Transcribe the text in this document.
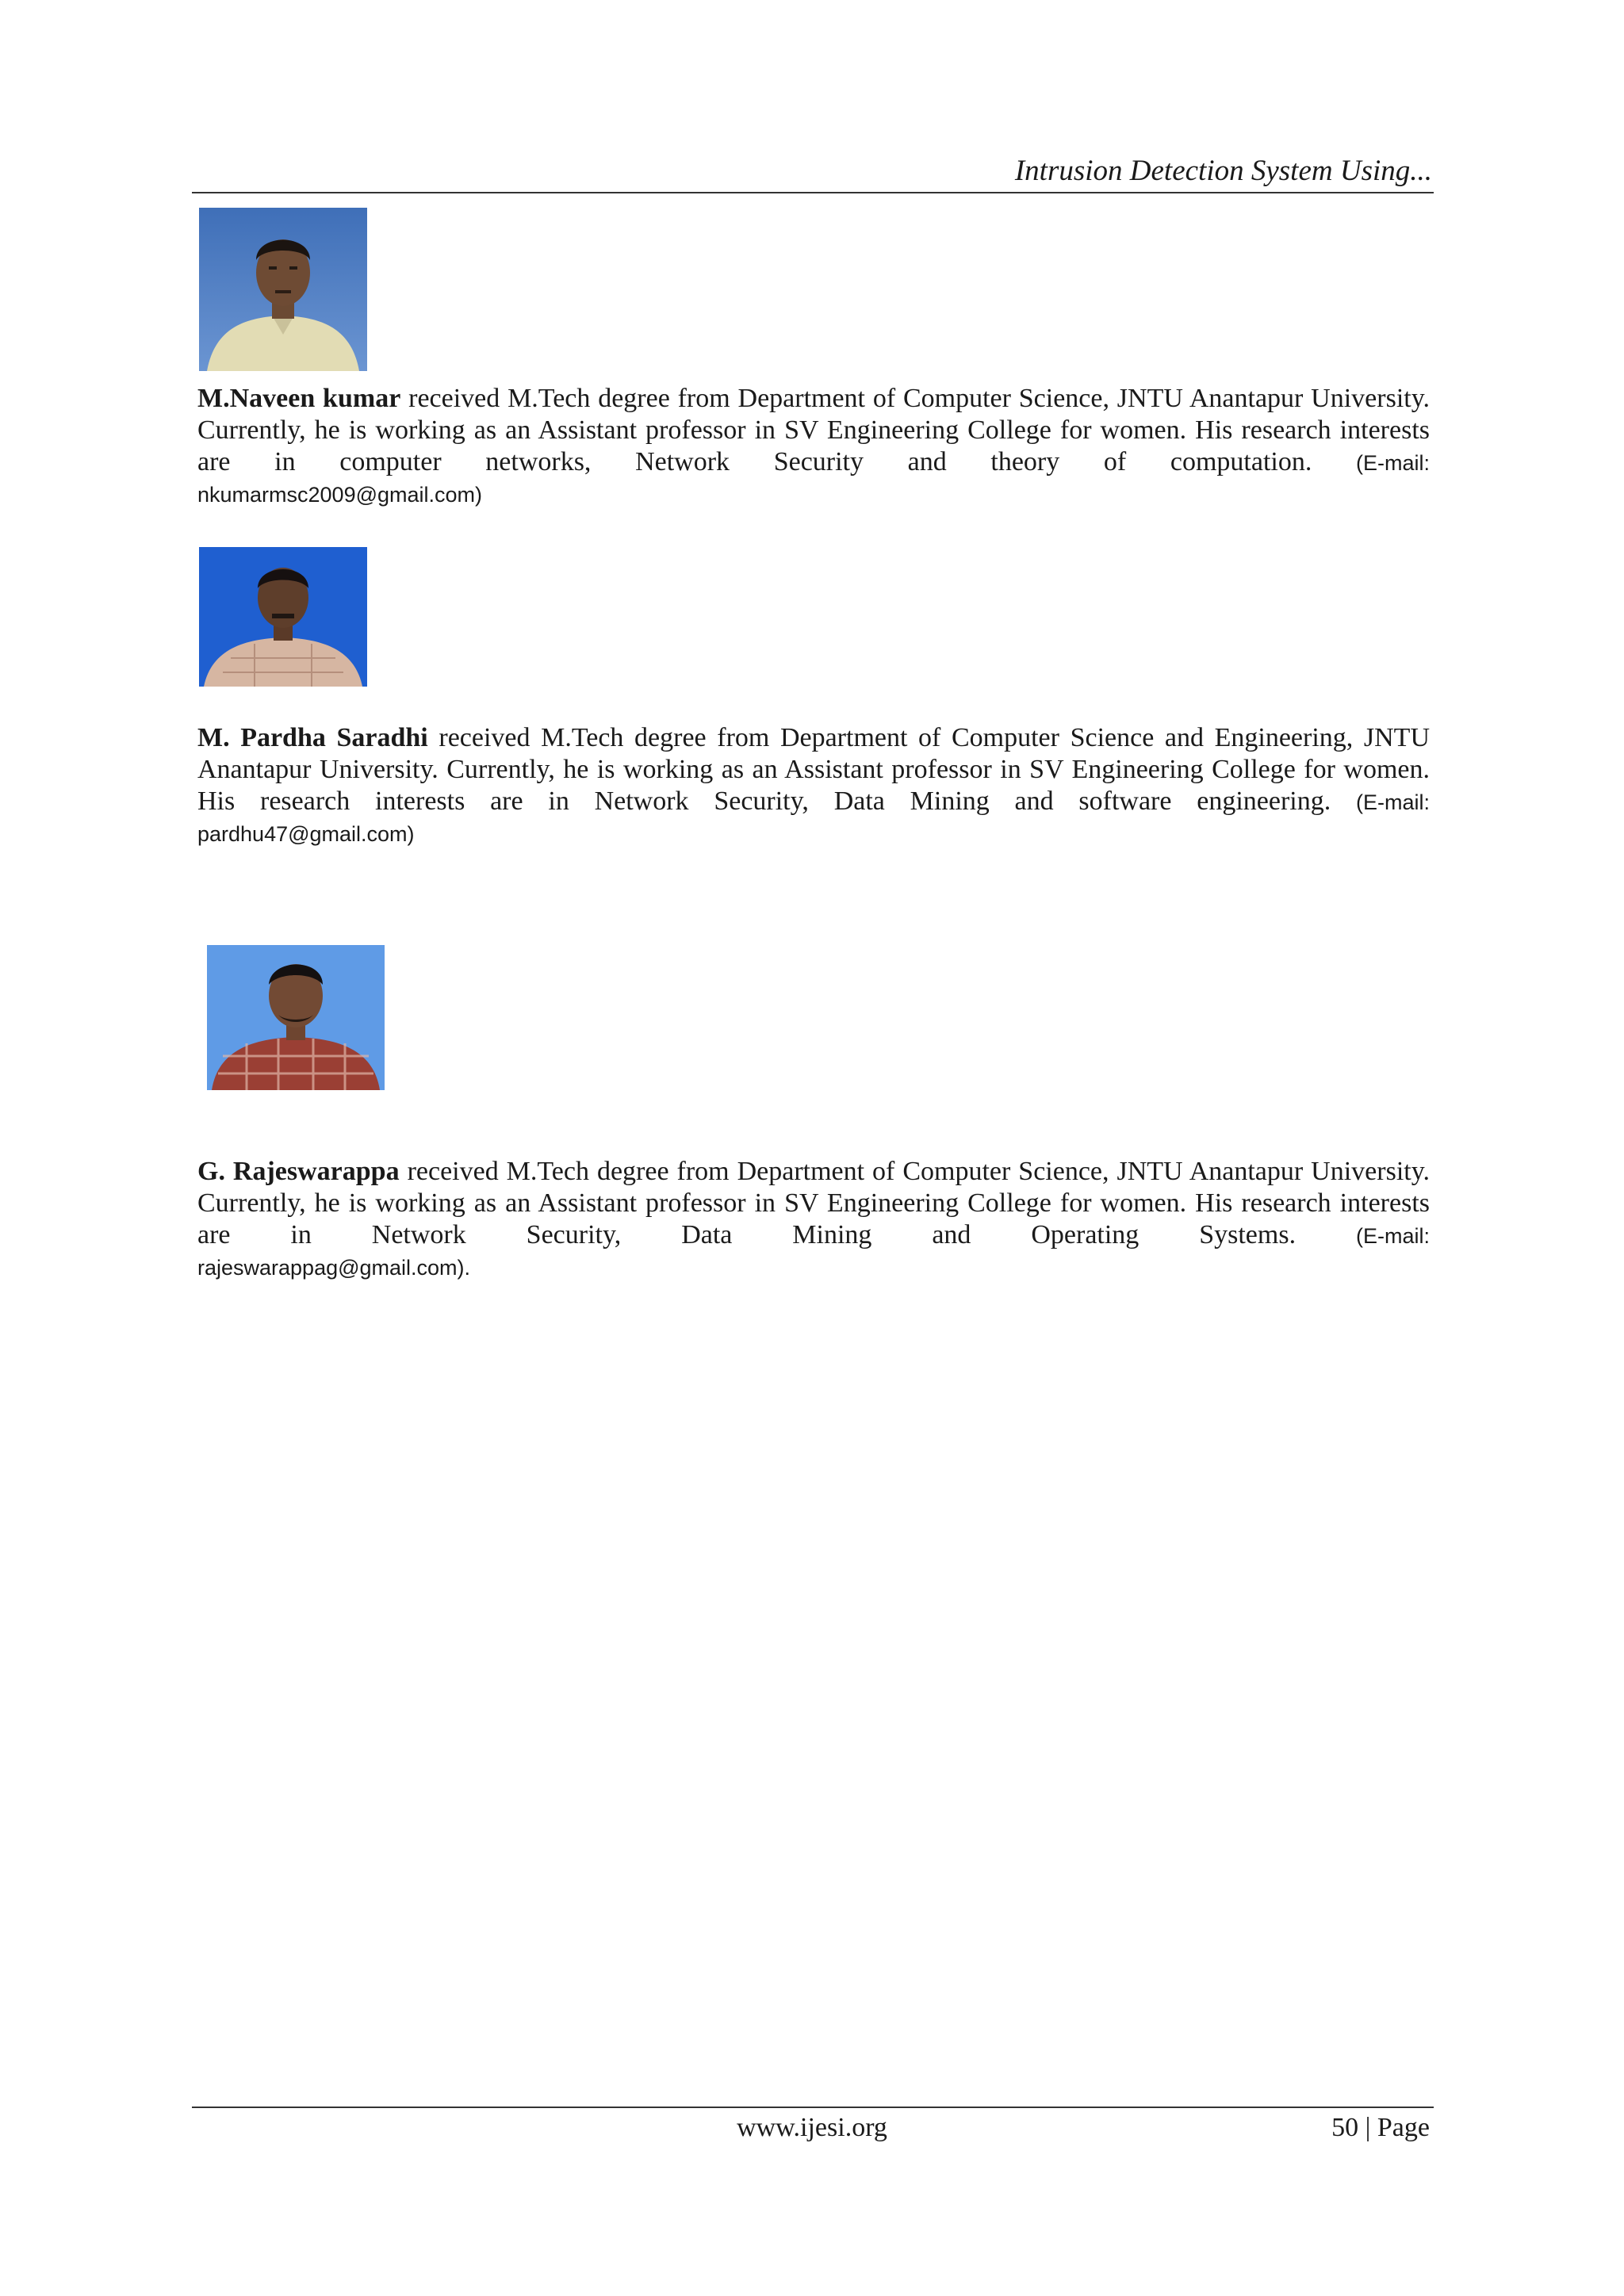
Intrusion Detection System Using...
M.Naveen kumar received M.Tech degree from Department of Computer Science, JNTU Anantapur University. Currently, he is working as an Assistant professor in SV Engineering College for women. His research interests are in computer networks, Network Security and theory of computation. (E-mail:
nkumarmsc2009@gmail.com)
M. Pardha Saradhi received M.Tech degree from Department of Computer Science and Engineering, JNTU Anantapur University. Currently, he is working as an Assistant professor in SV Engineering College for women. His research interests are in Network Security, Data Mining and software engineering. (E-mail:
pardhu47@gmail.com)
G. Rajeswarappa received M.Tech degree from Department of Computer Science, JNTU Anantapur University. Currently, he is working as an Assistant professor in SV Engineering College for women. His research interests are in Network Security, Data Mining and Operating Systems. (E-mail:
rajeswarappag@gmail.com).
www.ijesi.org	50 | Page
